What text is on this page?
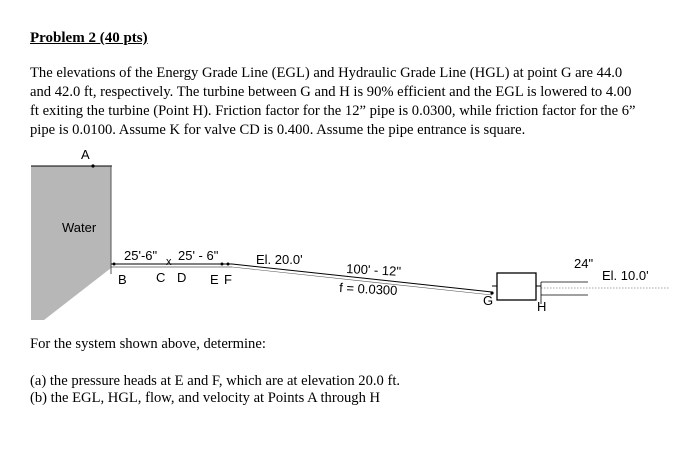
Problem 2 (40 pts)
The elevations of the Energy Grade Line (EGL) and Hydraulic Grade Line (HGL) at point G are 44.0
and 42.0 ft, respectively. The turbine between G and H is 90% efficient and the EGL is lowered to 4.00
ft exiting the turbine (Point H). Friction factor for the 12” pipe is 0.0300, while friction factor for the 6”
pipe is 0.0100. Assume K for valve CD is 0.400. Assume the pipe entrance is square.
A
Water
x
25'-6" 25' - 6"	El. 20.0'
100' - 12"
f = 0.0300
24"
El. 10.0'
B C D E F
G	H
For the system shown above, determine:
(a) the pressure heads at E and F, which are at elevation 20.0 ft.
(b) the EGL, HGL, flow, and velocity at Points A through H
